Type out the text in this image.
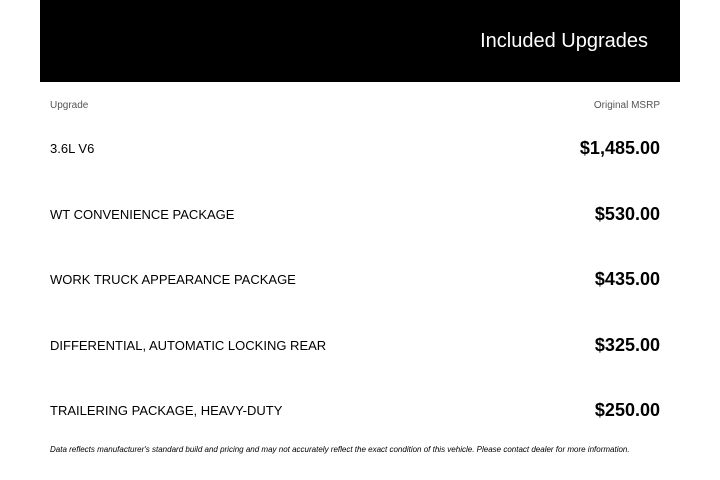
Included Upgrades
Upgrade	Original MSRP
3.6L V6	$1,485.00
WT CONVENIENCE PACKAGE	$530.00
WORK TRUCK APPEARANCE PACKAGE	$435.00
DIFFERENTIAL, AUTOMATIC LOCKING REAR	$325.00
TRAILERING PACKAGE, HEAVY-DUTY	$250.00
Data reflects manufacturer's standard build and pricing and may not accurately reflect the exact condition of this vehicle. Please contact dealer for more information.
